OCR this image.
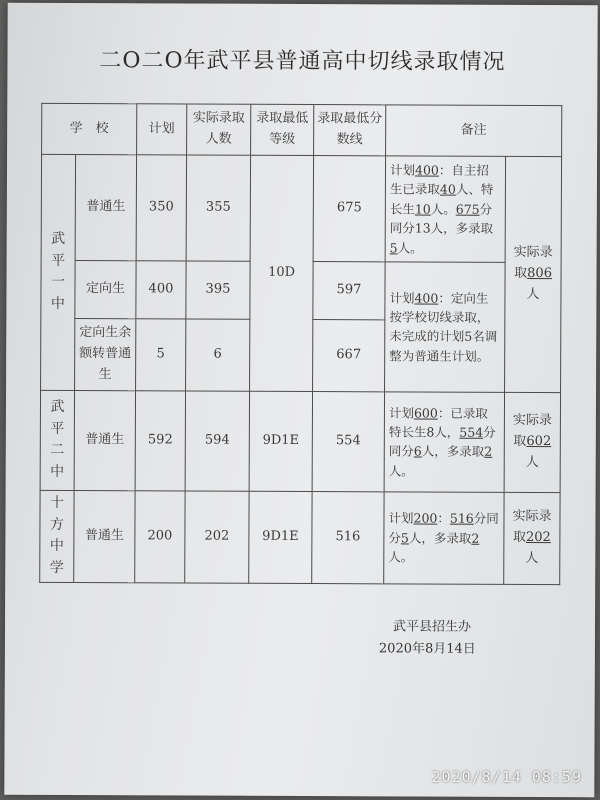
二O二O年武平县普通高中切线录取情况
学　校		计划	实际录取人数	录取最低等级	录取最低分数线	备注	
武平一中	普通生	350	355	10D	675	计划400：自主招生已录取40人、特长生10人。675分同分13人，多录取5人。	实际录取806人
	定向生	400	395		597	计划400：定向生按学校切线录取，未完成的计划5名调整为普通生计划。	
	定向生余额转普通生	5	6		667		
武平二中	普通生	592	594	9D1E	554	计划600：已录取特长生8人，554分同分6人，多录取2人。	实际录取602人
十方中学	普通生	200	202	9D1E	516	计划200：516分同分5人，多录取2人。	实际录取202人
武平县招生办
2020年8月14日
2020/8/14 08:59
